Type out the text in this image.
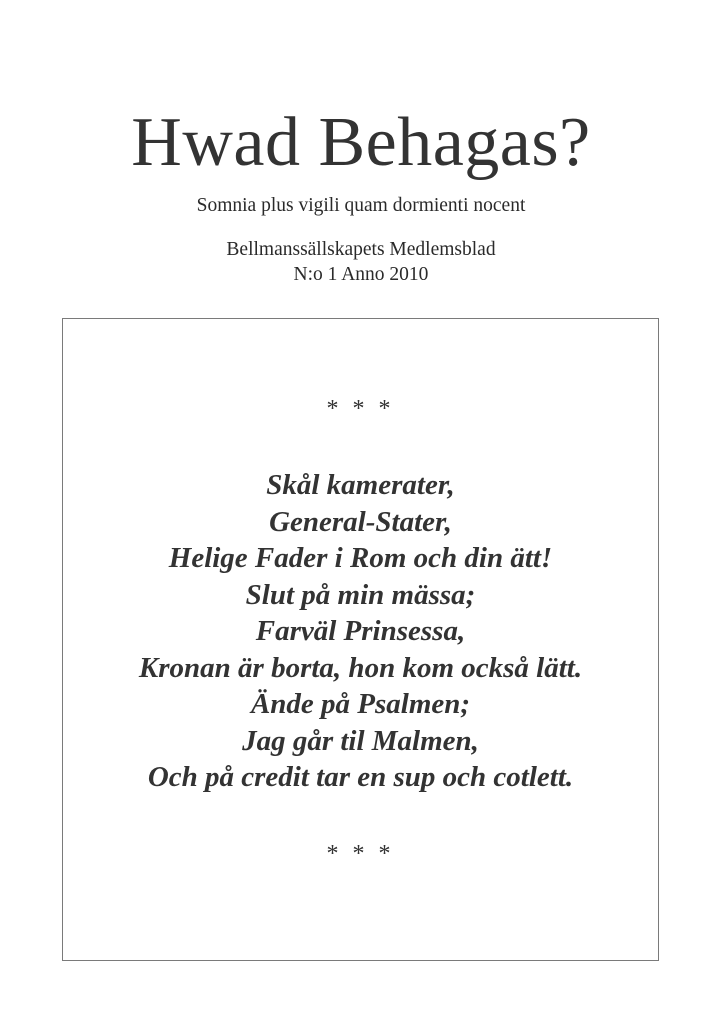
Hwad Behagas?
Somnia plus vigili quam dormienti nocent
Bellmanssällskapets Medlemsblad
N:o 1 Anno 2010
* * *
Skål kamerater,
General-Stater,
Helige Fader i Rom och din ätt!
Slut på min mässa;
Farväl Prinsessa,
Kronan är borta, hon kom också lätt.
Ände på Psalmen;
Jag går til Malmen,
Och på credit tar en sup och cotlett.
* * *
